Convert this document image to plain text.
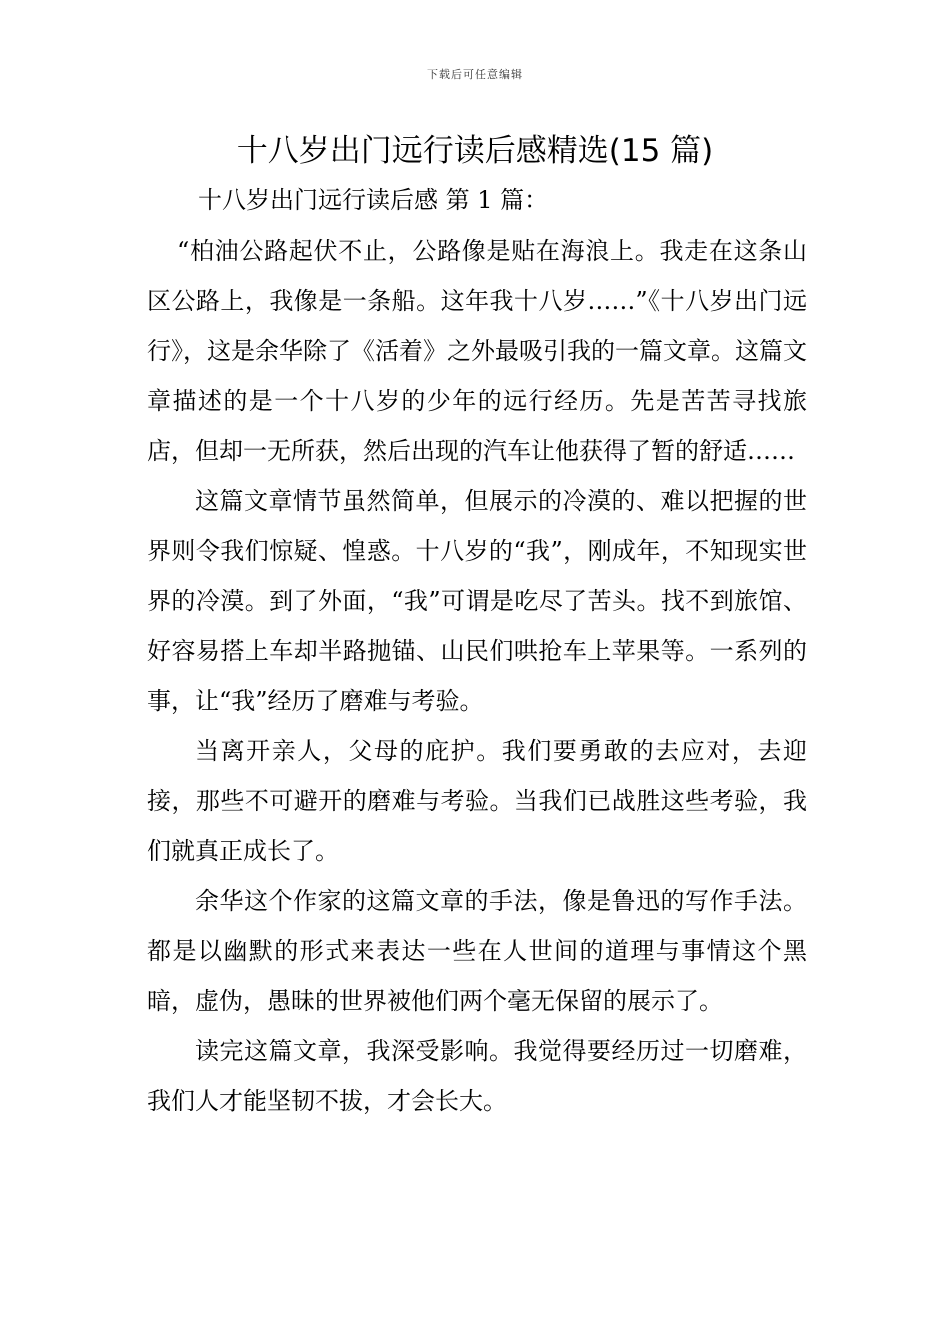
下载后可任意编辑
十八岁出门远行读后感精选(15 篇)
十八岁出门远行读后感 第 1 篇：

“柏油公路起伏不止，公路像是贴在海浪上。我走在这条山区公路上，我像是一条船。这年我十八岁……”《十八岁出门远行》，这是余华除了《活着》之外最吸引我的一篇文章。这篇文章描述的是一个十八岁的少年的远行经历。先是苦苦寻找旅店，但却一无所获，然后出现的汽车让他获得了暂的舒适……

这篇文章情节虽然简单，但展示的冷漠的、难以把握的世界则令我们惊疑、惶惑。十八岁的“我”，刚成年，不知现实世界的冷漠。到了外面，“我”可谓是吃尽了苦头。找不到旅馆、好容易搭上车却半路抛锚、山民们哄抢车上苹果等。一系列的事，让“我”经历了磨难与考验。

当离开亲人，父母的庇护。我们要勇敢的去应对，去迎接，那些不可避开的磨难与考验。当我们已战胜这些考验，我们就真正成长了。

余华这个作家的这篇文章的手法，像是鲁迅的写作手法。都是以幽默的形式来表达一些在人世间的道理与事情这个黑暗，虚伪，愚昧的世界被他们两个毫无保留的展示了。

读完这篇文章，我深受影响。我觉得要经历过一切磨难，我们人才能坚韧不拔，才会长大。
